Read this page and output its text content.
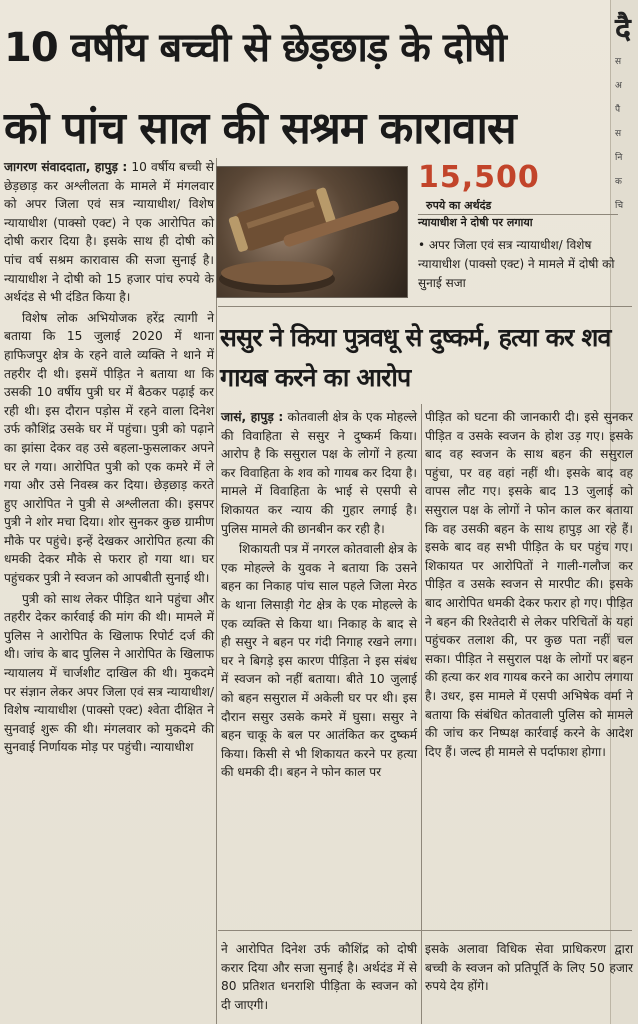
10 वर्षीय बच्ची से छेड़छाड़ के दोषी
को पांच साल की सश्रम कारावास
दै
स
अ
पै
स
नि
क
चि

जागरण संवाददाता, हापुड़ : 10 वर्षीय बच्ची से छेड़छाड़ कर अश्लीलता के मामले में मंगलवार को अपर जिला एवं सत्र न्यायाधीश/ विशेष न्यायाधीश (पाक्सो एक्ट) ने एक आरोपित को दोषी करार दिया है। इसके साथ ही दोषी को पांच वर्ष सश्रम कारावास की सजा सुनाई है। न्यायाधीश ने दोषी को 15 हजार पांच रुपये के अर्थदंड से भी दंडित किया है।

विशेष लोक अभियोजक हरेंद्र त्यागी ने बताया कि 15 जुलाई 2020 में थाना हाफिजपुर क्षेत्र के रहने वाले व्यक्ति ने थाने में तहरीर दी थी। इसमें पीड़ित ने बताया था कि उसकी 10 वर्षीय पुत्री घर में बैठकर पढ़ाई कर रही थी। इस दौरान पड़ोस में रहने वाला दिनेश उर्फ कौशिंद्र उसके घर में पहुंचा। पुत्री को पढ़ाने का झांसा देकर वह उसे बहला-फुसलाकर अपने घर ले गया। आरोपित पुत्री को एक कमरे में ले गया और उसे निवस्त्र कर दिया। छेड़छाड़ करते हुए आरोपित ने पुत्री से अश्लीलता की। इसपर पुत्री ने शोर मचा दिया। शोर सुनकर कुछ ग्रामीण मौके पर पहुंचे। इन्हें देखकर आरोपित हत्या की धमकी देकर मौके से फरार हो गया था। घर पहुंचकर पुत्री ने स्वजन को आपबीती सुनाई थी।

पुत्री को साथ लेकर पीड़ित थाने पहुंचा और तहरीर देकर कार्रवाई की मांग की थी। मामले में पुलिस ने आरोपित के खिलाफ रिपोर्ट दर्ज की थी। जांच के बाद पुलिस ने आरोपित के खिलाफ न्यायालय में चार्जशीट दाखिल की थी। मुकदमे पर संज्ञान लेकर अपर जिला एवं सत्र न्यायाधीश/ विशेष न्यायाधीश (पाक्सो एक्ट) श्वेता दीक्षित ने सुनवाई शुरू की थी। मंगलवार को मुकदमे की सुनवाई निर्णायक मोड़ पर पहुंची। न्यायाधीश

15,500 रुपये का अर्थदंड
न्यायाधीश ने दोषी पर लगाया
• अपर जिला एवं सत्र न्यायाधीश/ विशेष न्यायाधीश (पाक्सो एक्ट) ने मामले में दोषी को सुनाई सजा
ससुर ने किया पुत्रवधू से दुष्कर्म, हत्या कर शव गायब करने का आरोप

जासं, हापुड़ : कोतवाली क्षेत्र के एक मोहल्ले की विवाहिता से ससुर ने दुष्कर्म किया। आरोप है कि ससुराल पक्ष के लोगों ने हत्या कर विवाहिता के शव को गायब कर दिया है। मामले में विवाहिता के भाई से एसपी से शिकायत कर न्याय की गुहार लगाई है। पुलिस मामले की छानबीन कर रही है।

शिकायती पत्र में नगरल कोतवाली क्षेत्र के एक मोहल्ले के युवक ने बताया कि उसने बहन का निकाह पांच साल पहले जिला मेरठ के थाना लिसाड़ी गेट क्षेत्र के एक मोहल्ले के एक व्यक्ति से किया था। निकाह के बाद से ही ससुर ने बहन पर गंदी निगाह रखने लगा। घर ने बिगड़े इस कारण पीड़िता ने इस संबंध में स्वजन को नहीं बताया। बीते 10 जुलाई को बहन ससुराल में अकेली घर पर थी। इस दौरान ससुर उसके कमरे में घुसा। ससुर ने बहन चाकू के बल पर आतंकित कर दुष्कर्म किया। किसी से भी शिकायत करने पर हत्या की धमकी दी। बहन ने फोन काल पर

पीड़ित को घटना की जानकारी दी। इसे सुनकर पीड़ित व उसके स्वजन के होश उड़ गए। इसके बाद वह स्वजन के साथ बहन की ससुराल पहुंचा, पर वह वहां नहीं थी। इसके बाद वह वापस लौट गए। इसके बाद 13 जुलाई को ससुराल पक्ष के लोगों ने फोन काल कर बताया कि वह उसकी बहन के साथ हापुड़ आ रहे हैं। इसके बाद वह सभी पीड़ित के घर पहुंच गए। शिकायत पर आरोपितों ने गाली-गलौज कर पीड़ित व उसके स्वजन से मारपीट की। इसके बाद आरोपित धमकी देकर फरार हो गए। पीड़ित ने बहन की रिश्तेदारी से लेकर परिचितों के यहां पहुंचकर तलाश की, पर कुछ पता नहीं चल सका। पीड़ित ने ससुराल पक्ष के लोगों पर बहन की हत्या कर शव गायब करने का आरोप लगाया है। उधर, इस मामले में एसपी अभिषेक वर्मा ने बताया कि संबंधित कोतवाली पुलिस को मामले की जांच कर निष्पक्ष कार्रवाई करने के आदेश दिए हैं। जल्द ही मामले से पर्दाफाश होगा।

ने आरोपित दिनेश उर्फ कौशिंद्र को दोषी करार दिया और सजा सुनाई है। अर्थदंड में से 80 प्रतिशत धनराशि पीड़िता के स्वजन को दी जाएगी।
इसके अलावा विधिक सेवा प्राधिकरण द्वारा बच्ची के स्वजन को प्रतिपूर्ति के लिए 50 हजार रुपये देय होंगे।
